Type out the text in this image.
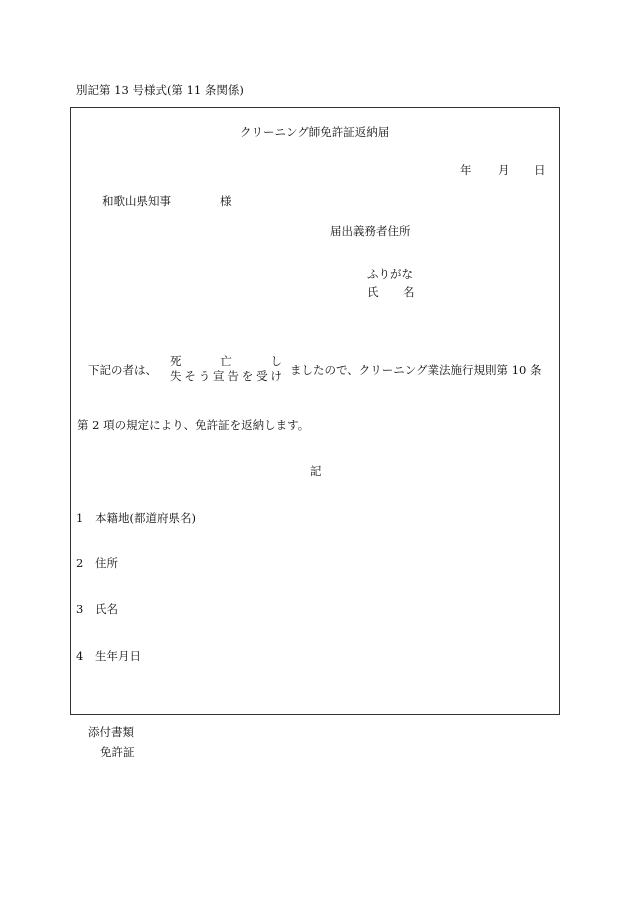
別記第 13 号様式(第 11 条関係)
クリーニング師免許証返納届
年 月 日
和歌山県知事	様
届出義務者住所
ふりがな
氏 名
下記の者は、
死	亡	し
失 そ う 宣 告 を 受 け ましたので、クリーニング業法施行規則第 10 条
第 2 項の規定により、免許証を返納します。
記
1 本籍地(都道府県名)
2 住所
3 氏名
4 生年月日
添付書類
免許証
